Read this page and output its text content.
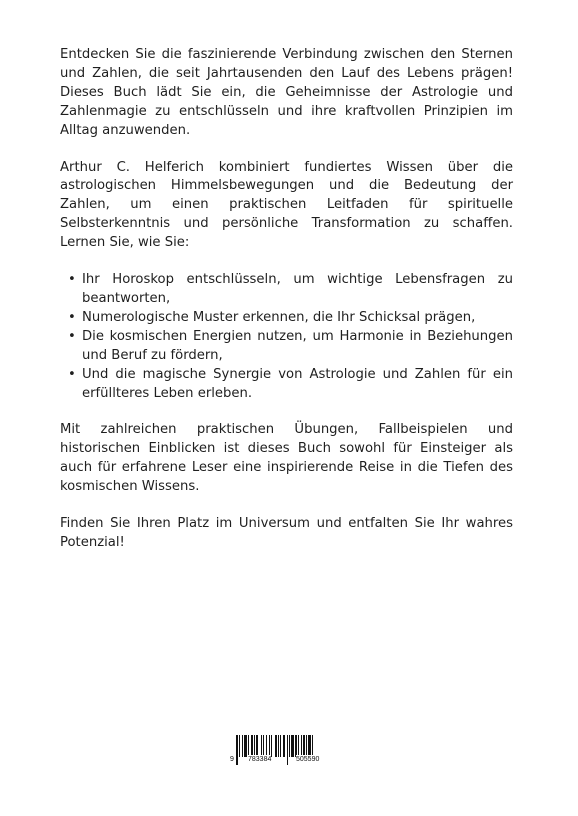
Entdecken Sie die faszinierende Verbindung zwischen den Sternen und Zahlen, die seit Jahrtausenden den Lauf des Lebens prägen! Dieses Buch lädt Sie ein, die Geheimnisse der Astrologie und Zahlenmagie zu entschlüsseln und ihre kraftvollen Prinzipien im Alltag anzuwenden.

Arthur C. Helferich kombiniert fundiertes Wissen über die astrologischen Himmelsbewegungen und die Bedeutung der Zahlen, um einen praktischen Leitfaden für spirituelle Selbsterkenntnis und persönliche Transformation zu schaffen. Lernen Sie, wie Sie:

• Ihr Horoskop entschlüsseln, um wichtige Lebensfragen zu beantworten,
• Numerologische Muster erkennen, die Ihr Schicksal prägen,
• Die kosmischen Energien nutzen, um Harmonie in Beziehungen und Beruf zu fördern,
• Und die magische Synergie von Astrologie und Zahlen für ein erfüllteres Leben erleben.

Mit zahlreichen praktischen Übungen, Fallbeispielen und historischen Einblicken ist dieses Buch sowohl für Einsteiger als auch für erfahrene Leser eine inspirierende Reise in die Tiefen des kosmischen Wissens.

Finden Sie Ihren Platz im Universum und entfalten Sie Ihr wahres Potenzial!

9 783384	505590
